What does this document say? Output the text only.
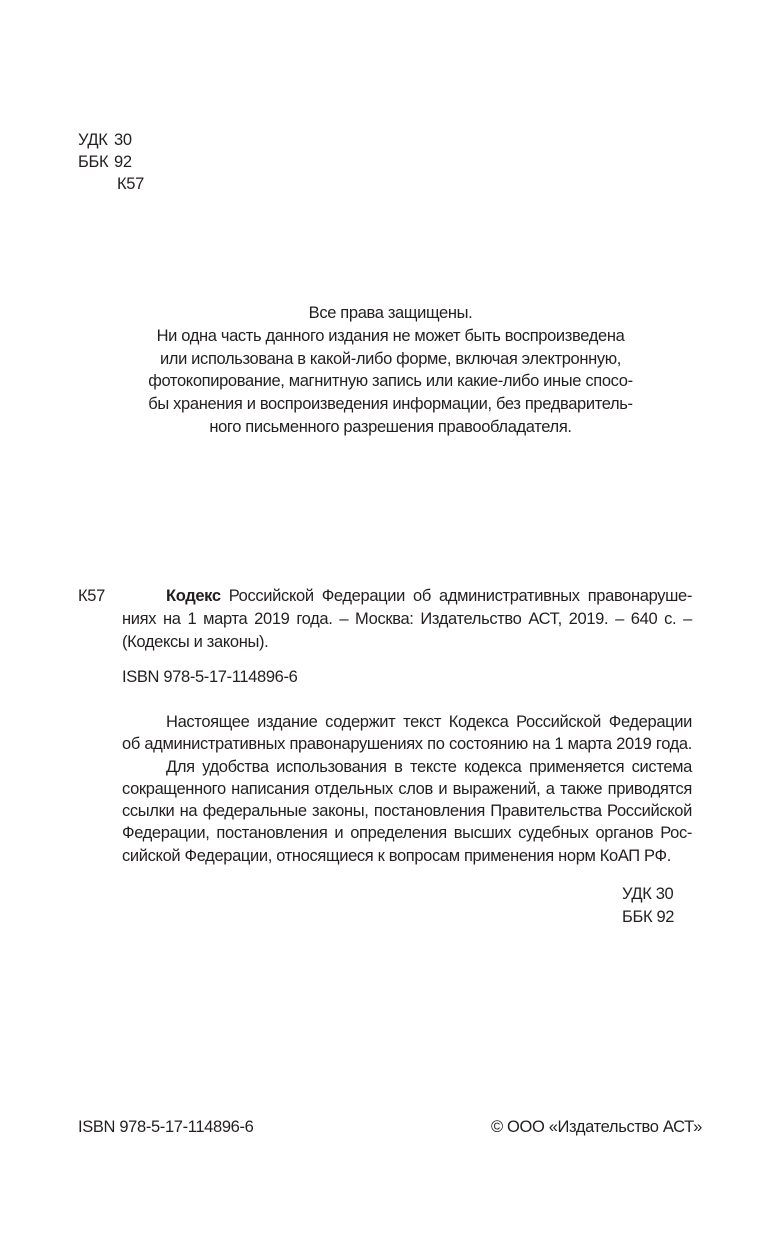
УДК 30
ББК 92
К57
Все права защищены.
Ни одна часть данного издания не может быть воспроизведена
или использована в какой-либо форме, включая электронную,
фотокопирование, магнитную запись или какие-либо иные спосо-
бы хранения и воспроизведения информации, без предваритель-
ного письменного разрешения правообладателя.
К57	Кодекс Российской Федерации об административных правонаруше-
ниях на 1 марта 2019 года. – Москва: Издательство АСТ, 2019. – 640 с. –
(Кодексы и законы).
ISBN 978-5-17-114896-6
Настоящее издание содержит текст Кодекса Российской Федерации
об административных правонарушениях по состоянию на 1 марта 2019 года.
Для удобства использования в тексте кодекса применяется система
сокращенного написания отдельных слов и выражений, а также приводятся
ссылки на федеральные законы, постановления Правительства Российской
Федерации, постановления и определения высших судебных органов Рос-
сийской Федерации, относящиеся к вопросам применения норм КоАП РФ.
УДК 30
ББК 92
ISBN 978-5-17-114896-6	© ООО «Издательство АСТ»
